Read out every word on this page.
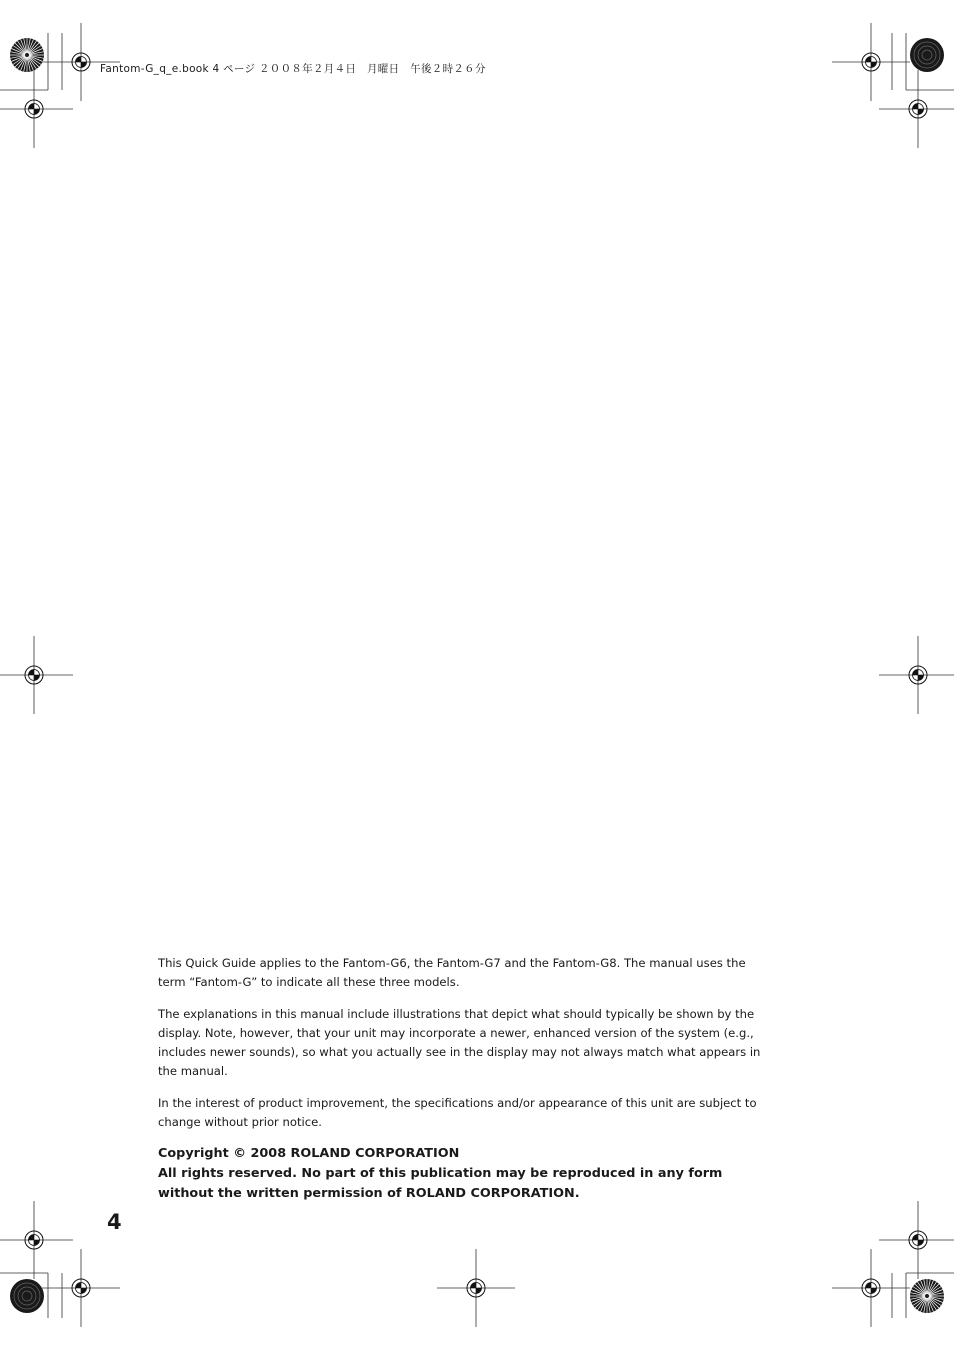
Fantom-G_q_e.book 4 ページ ２００８年２月４日　月曜日　午後２時２６分

This Quick Guide applies to the Fantom-G6, the Fantom-G7 and the Fantom-G8. The manual uses the term “Fantom-G” to indicate all these three models.

The explanations in this manual include illustrations that depict what should typically be shown by the display. Note, however, that your unit may incorporate a newer, enhanced version of the system (e.g., includes newer sounds), so what you actually see in the display may not always match what appears in the manual.

In the interest of product improvement, the specifications and/or appearance of this unit are subject to change without prior notice.

Copyright © 2008 ROLAND CORPORATION
All rights reserved. No part of this publication may be reproduced in any form without the written permission of ROLAND CORPORATION.
4
